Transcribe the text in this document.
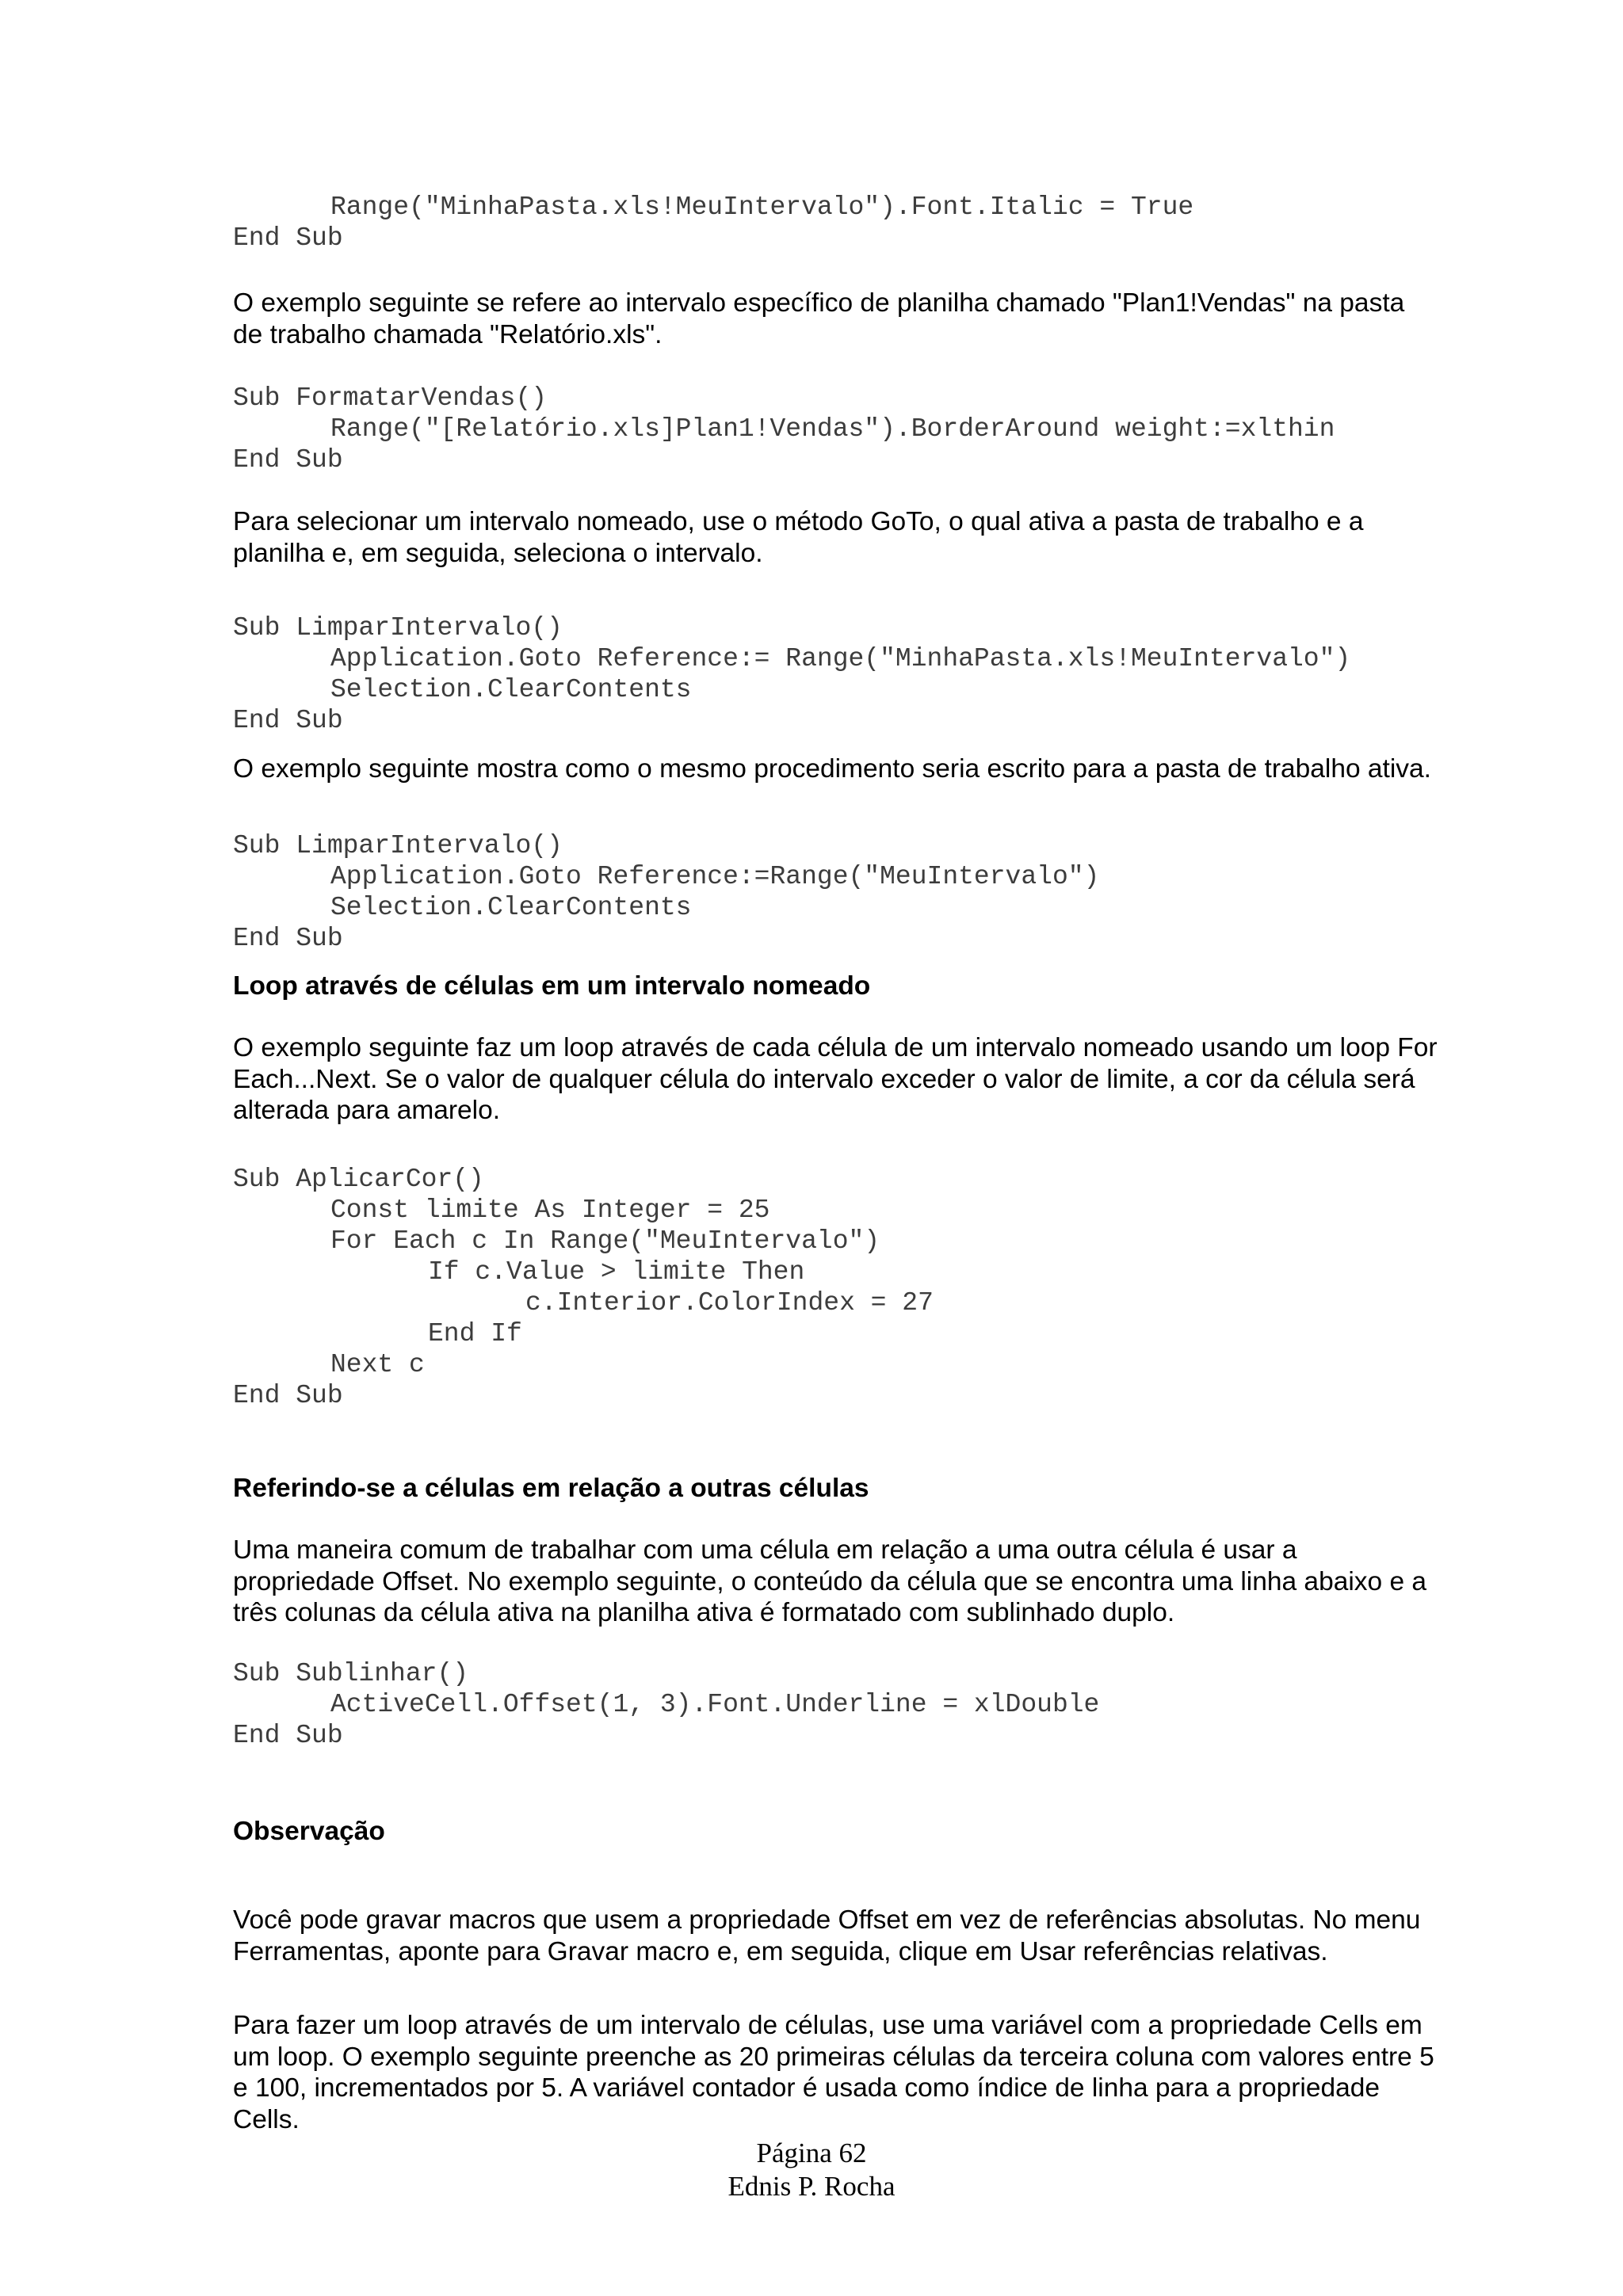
Range("MinhaPasta.xls!MeuIntervalo").Font.Italic = True
End Sub
O exemplo seguinte se refere ao intervalo específico de planilha chamado "Plan1!Vendas" na pasta
de trabalho chamada "Relatório.xls".
Sub FormatarVendas()
Range("[Relatório.xls]Plan1!Vendas").BorderAround weight:=xlthin
End Sub
Para selecionar um intervalo nomeado, use o método GoTo, o qual ativa a pasta de trabalho e a
planilha e, em seguida, seleciona o intervalo.
Sub LimparIntervalo()
Application.Goto Reference:= Range("MinhaPasta.xls!MeuIntervalo")
Selection.ClearContents
End Sub
O exemplo seguinte mostra como o mesmo procedimento seria escrito para a pasta de trabalho ativa.
Sub LimparIntervalo()
Application.Goto Reference:=Range("MeuIntervalo")
Selection.ClearContents
End Sub
Loop através de células em um intervalo nomeado
O exemplo seguinte faz um loop através de cada célula de um intervalo nomeado usando um loop For
Each...Next. Se o valor de qualquer célula do intervalo exceder o valor de limite, a cor da célula será
alterada para amarelo.
Sub AplicarCor()
Const limite As Integer = 25
For Each c In Range("MeuIntervalo")
If c.Value > limite Then
c.Interior.ColorIndex = 27
End If
Next c
End Sub
Referindo-se a células em relação a outras células
Uma maneira comum de trabalhar com uma célula em relação a uma outra célula é usar a
propriedade Offset. No exemplo seguinte, o conteúdo da célula que se encontra uma linha abaixo e a
três colunas da célula ativa na planilha ativa é formatado com sublinhado duplo.
Sub Sublinhar()
ActiveCell.Offset(1, 3).Font.Underline = xlDouble
End Sub
Observação
Você pode gravar macros que usem a propriedade Offset em vez de referências absolutas. No menu
Ferramentas, aponte para Gravar macro e, em seguida, clique em Usar referências relativas.
Para fazer um loop através de um intervalo de células, use uma variável com a propriedade Cells em
um loop. O exemplo seguinte preenche as 20 primeiras células da terceira coluna com valores entre 5
e 100, incrementados por 5. A variável contador é usada como índice de linha para a propriedade
Cells.
Página 62
Ednis P. Rocha
